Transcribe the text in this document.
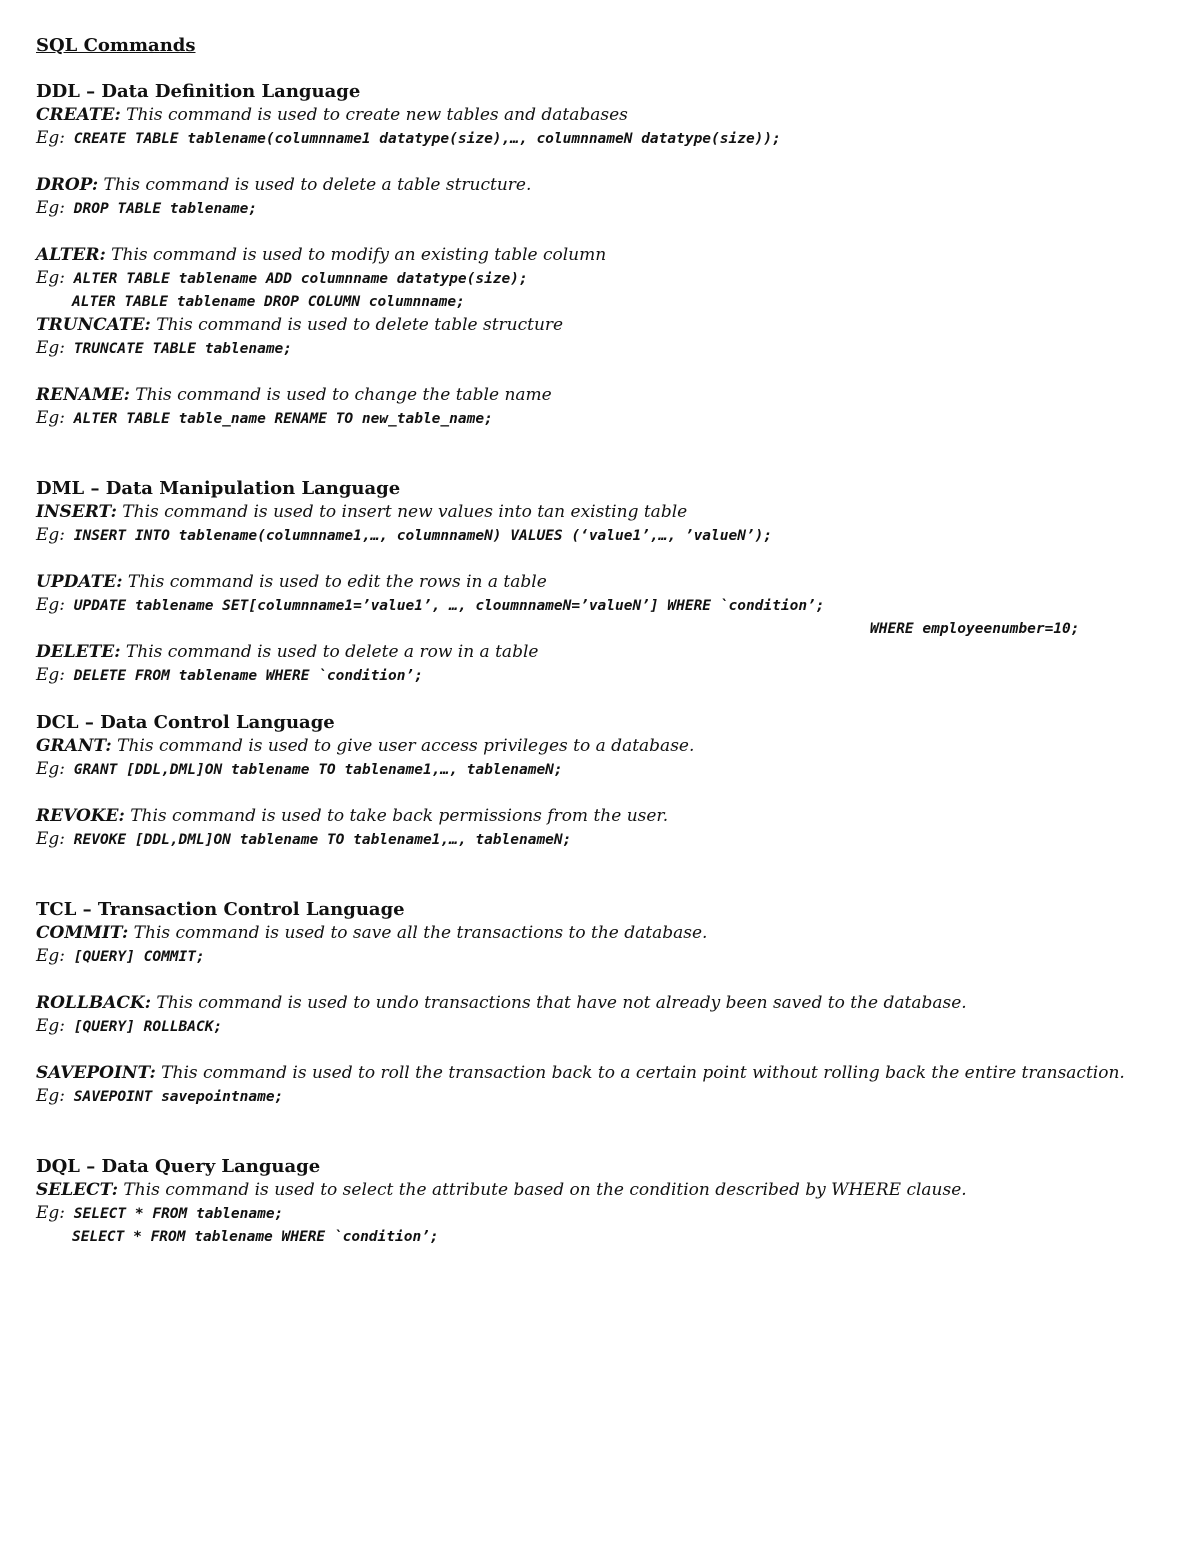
SQL Commands
DDL – Data Definition Language
CREATE: This command is used to create new tables and databases
Eg: CREATE TABLE tablename(columnname1 datatype(size),…, columnnameN datatype(size));
DROP: This command is used to delete a table structure.
Eg: DROP TABLE tablename;
ALTER: This command is used to modify an existing table column
Eg: ALTER TABLE tablename ADD columnname datatype(size);
ALTER TABLE tablename DROP COLUMN columnname;
TRUNCATE: This command is used to delete table structure
Eg: TRUNCATE TABLE tablename;
RENAME: This command is used to change the table name
Eg: ALTER TABLE table_name RENAME TO new_table_name;
DML – Data Manipulation Language
INSERT: This command is used to insert new values into tan existing table
Eg: INSERT INTO tablename(columnname1,…, columnnameN) VALUES (‘value1’,…, ’valueN’);
UPDATE: This command is used to edit the rows in a table
Eg: UPDATE tablename SET[columnname1=’value1’, …, cloumnnameN=’valueN’] WHERE `condition’;
WHERE employeenumber=10;
DELETE: This command is used to delete a row in a table
Eg: DELETE FROM tablename WHERE `condition’;
DCL – Data Control Language
GRANT: This command is used to give user access privileges to a database.
Eg: GRANT [DDL,DML]ON tablename TO tablename1,…, tablenameN;
REVOKE: This command is used to take back permissions from the user.
Eg: REVOKE [DDL,DML]ON tablename TO tablename1,…, tablenameN;
TCL – Transaction Control Language
COMMIT: This command is used to save all the transactions to the database.
Eg: [QUERY] COMMIT;
ROLLBACK: This command is used to undo transactions that have not already been saved to the database.
Eg: [QUERY] ROLLBACK;
SAVEPOINT: This command is used to roll the transaction back to a certain point without rolling back the entire transaction.
Eg: SAVEPOINT savepointname;
DQL – Data Query Language
SELECT: This command is used to select the attribute based on the condition described by WHERE clause.
Eg: SELECT * FROM tablename;
SELECT * FROM tablename WHERE `condition’;
